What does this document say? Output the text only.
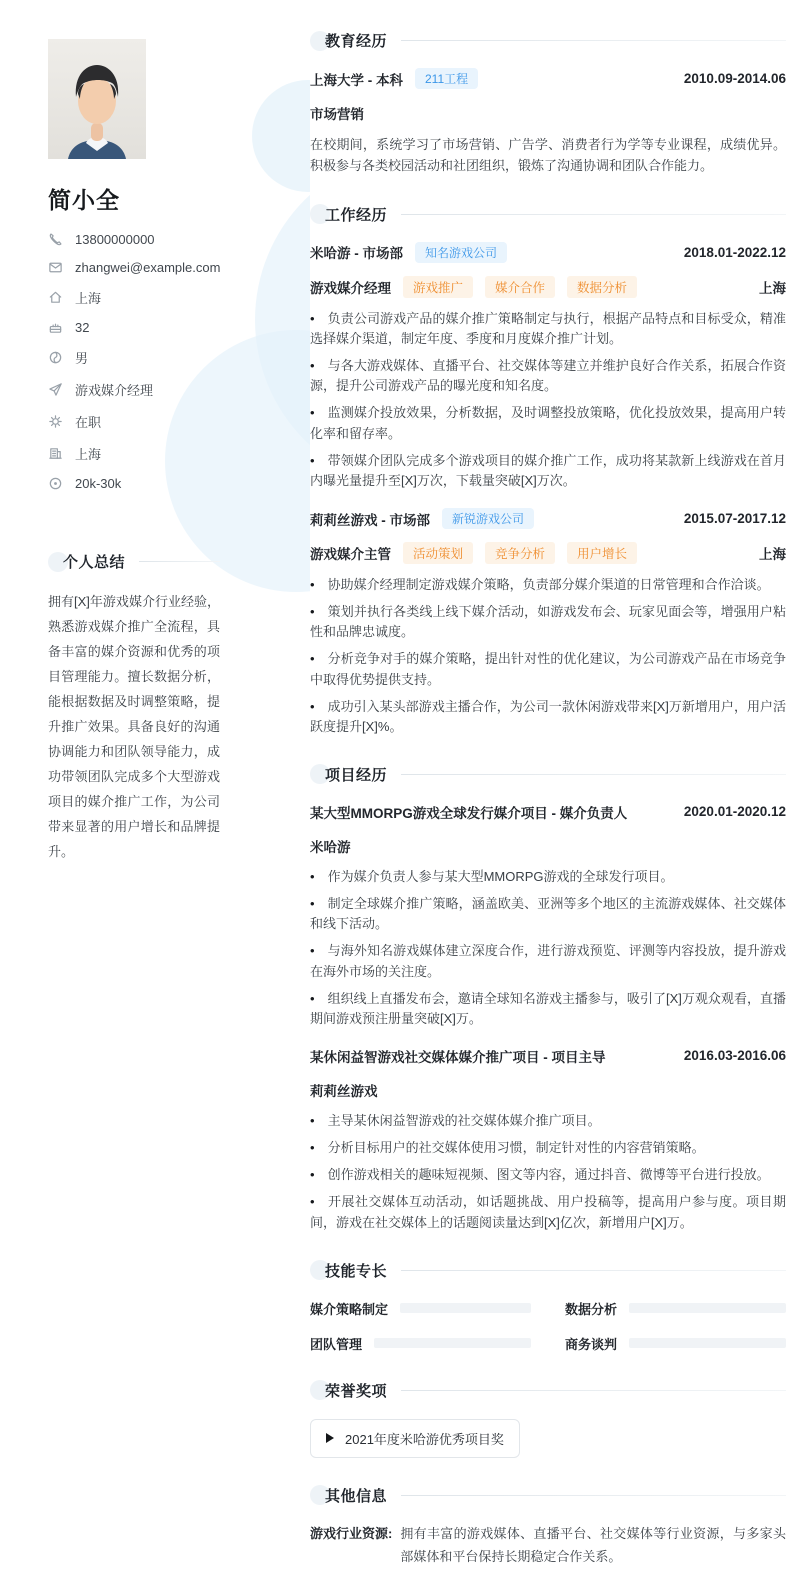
简小全
13800000000
zhangwei@example.com
上海
32
男
游戏媒介经理
在职
上海
20k-30k
个人总结

拥有[X]年游戏媒介行业经验，熟悉游戏媒介推广全流程，具备丰富的媒介资源和优秀的项目管理能力。擅长数据分析，能根据数据及时调整策略，提升推广效果。具备良好的沟通协调能力和团队领导能力，成功带领团队完成多个大型游戏项目的媒介推广工作，为公司带来显著的用户增长和品牌提升。

教育经历
上海大学 - 本科	211工程	2010.09-2014.06
市场营销

在校期间，系统学习了市场营销、广告学、消费者行为学等专业课程，成绩优异。积极参与各类校园活动和社团组织，锻炼了沟通协调和团队合作能力。

工作经历
米哈游 - 市场部	知名游戏公司	2018.01-2022.12
游戏媒介经理	游戏推广	媒介合作	数据分析	上海
• 负责公司游戏产品的媒介推广策略制定与执行，根据产品特点和目标受众，精准选择媒介渠道，制定年度、季度和月度媒介推广计划。
• 与各大游戏媒体、直播平台、社交媒体等建立并维护良好合作关系，拓展合作资源，提升公司游戏产品的曝光度和知名度。
• 监测媒介投放效果，分析数据，及时调整投放策略，优化投放效果，提高用户转化率和留存率。
• 带领媒介团队完成多个游戏项目的媒介推广工作，成功将某款新上线游戏在首月内曝光量提升至[X]万次，下载量突破[X]万次。
莉莉丝游戏 - 市场部	新锐游戏公司	2015.07-2017.12
游戏媒介主管	活动策划	竞争分析	用户增长	上海
• 协助媒介经理制定游戏媒介策略，负责部分媒介渠道的日常管理和合作洽谈。
• 策划并执行各类线上线下媒介活动，如游戏发布会、玩家见面会等，增强用户粘性和品牌忠诚度。
• 分析竞争对手的媒介策略，提出针对性的优化建议，为公司游戏产品在市场竞争中取得优势提供支持。
• 成功引入某头部游戏主播合作，为公司一款休闲游戏带来[X]万新增用户，用户活跃度提升[X]%。
项目经历
某大型MMORPG游戏全球发行媒介项目 - 媒介负责人	2020.01-2020.12
米哈游
• 作为媒介负责人参与某大型MMORPG游戏的全球发行项目。
• 制定全球媒介推广策略，涵盖欧美、亚洲等多个地区的主流游戏媒体、社交媒体和线下活动。
• 与海外知名游戏媒体建立深度合作，进行游戏预览、评测等内容投放，提升游戏在海外市场的关注度。
• 组织线上直播发布会，邀请全球知名游戏主播参与，吸引了[X]万观众观看，直播期间游戏预注册量突破[X]万。
某休闲益智游戏社交媒体媒介推广项目 - 项目主导	2016.03-2016.06
莉莉丝游戏
• 主导某休闲益智游戏的社交媒体媒介推广项目。
• 分析目标用户的社交媒体使用习惯，制定针对性的内容营销策略。
• 创作游戏相关的趣味短视频、图文等内容，通过抖音、微博等平台进行投放。
• 开展社交媒体互动活动，如话题挑战、用户投稿等，提高用户参与度。项目期间，游戏在社交媒体上的话题阅读量达到[X]亿次，新增用户[X]万。
技能专长
媒介策略制定	数据分析
团队管理	商务谈判
荣誉奖项
2021年度米哈游优秀项目奖
其他信息
游戏行业资源: 拥有丰富的游戏媒体、直播平台、社交媒体等行业资源，与多家头部媒体和平台保持长期稳定合作关系。
